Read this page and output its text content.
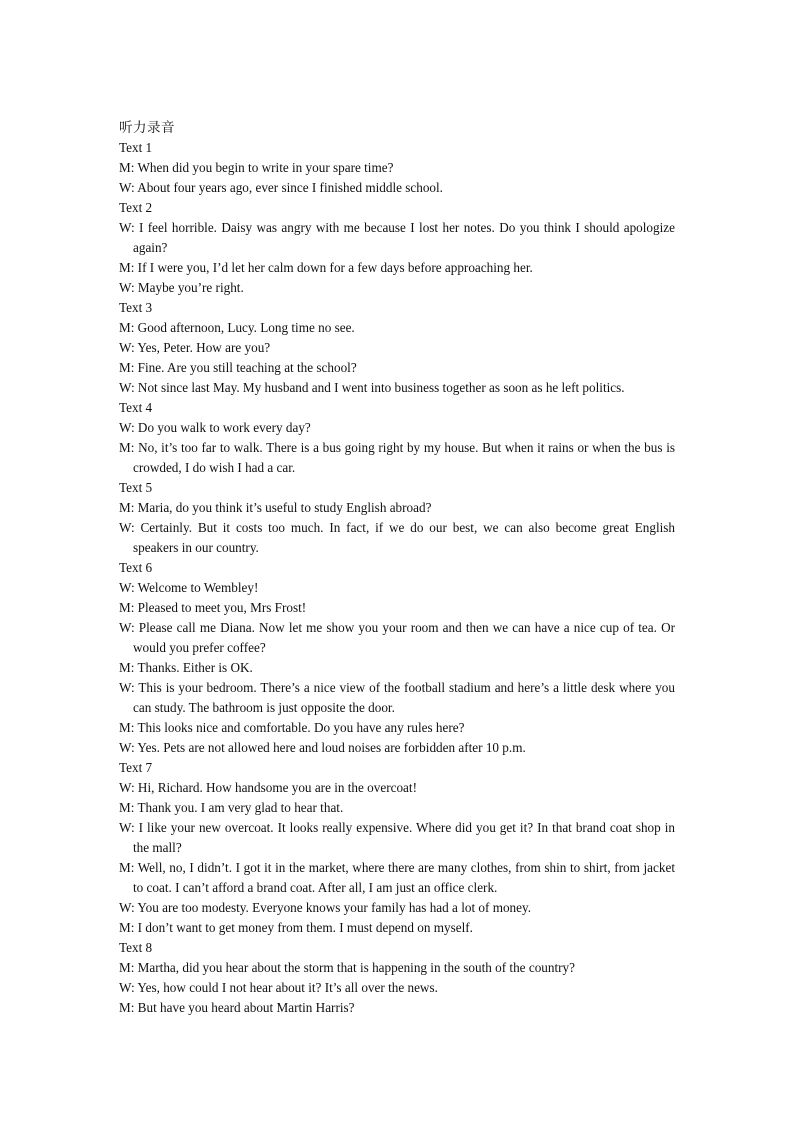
听力录音
Text 1
M: When did you begin to write in your spare time?
W: About four years ago, ever since I finished middle school.
Text 2
W: I feel horrible. Daisy was angry with me because I lost her notes. Do you think I should apologize again?
M: If I were you, I’d let her calm down for a few days before approaching her.
W: Maybe you’re right.
Text 3
M: Good afternoon, Lucy. Long time no see.
W: Yes, Peter. How are you?
M: Fine. Are you still teaching at the school?
W: Not since last May. My husband and I went into business together as soon as he left politics.
Text 4
W: Do you walk to work every day?
M: No, it’s too far to walk. There is a bus going right by my house. But when it rains or when the bus is crowded, I do wish I had a car.
Text 5
M: Maria, do you think it’s useful to study English abroad?
W: Certainly. But it costs too much. In fact, if we do our best, we can also become great English speakers in our country.
Text 6
W: Welcome to Wembley!
M: Pleased to meet you, Mrs Frost!
W: Please call me Diana. Now let me show you your room and then we can have a nice cup of tea. Or would you prefer coffee?
M: Thanks. Either is OK.
W: This is your bedroom. There’s a nice view of the football stadium and here’s a little desk where you can study. The bathroom is just opposite the door.
M: This looks nice and comfortable. Do you have any rules here?
W: Yes. Pets are not allowed here and loud noises are forbidden after 10 p.m.
Text 7
W: Hi, Richard. How handsome you are in the overcoat!
M: Thank you. I am very glad to hear that.
W: I like your new overcoat. It looks really expensive. Where did you get it? In that brand coat shop in the mall?
M: Well, no, I didn’t. I got it in the market, where there are many clothes, from shin to shirt, from jacket to coat. I can’t afford a brand coat. After all, I am just an office clerk.
W: You are too modesty. Everyone knows your family has had a lot of money.
M: I don’t want to get money from them. I must depend on myself.
Text 8
M: Martha, did you hear about the storm that is happening in the south of the country?
W: Yes, how could I not hear about it? It’s all over the news.
M: But have you heard about Martin Harris?
